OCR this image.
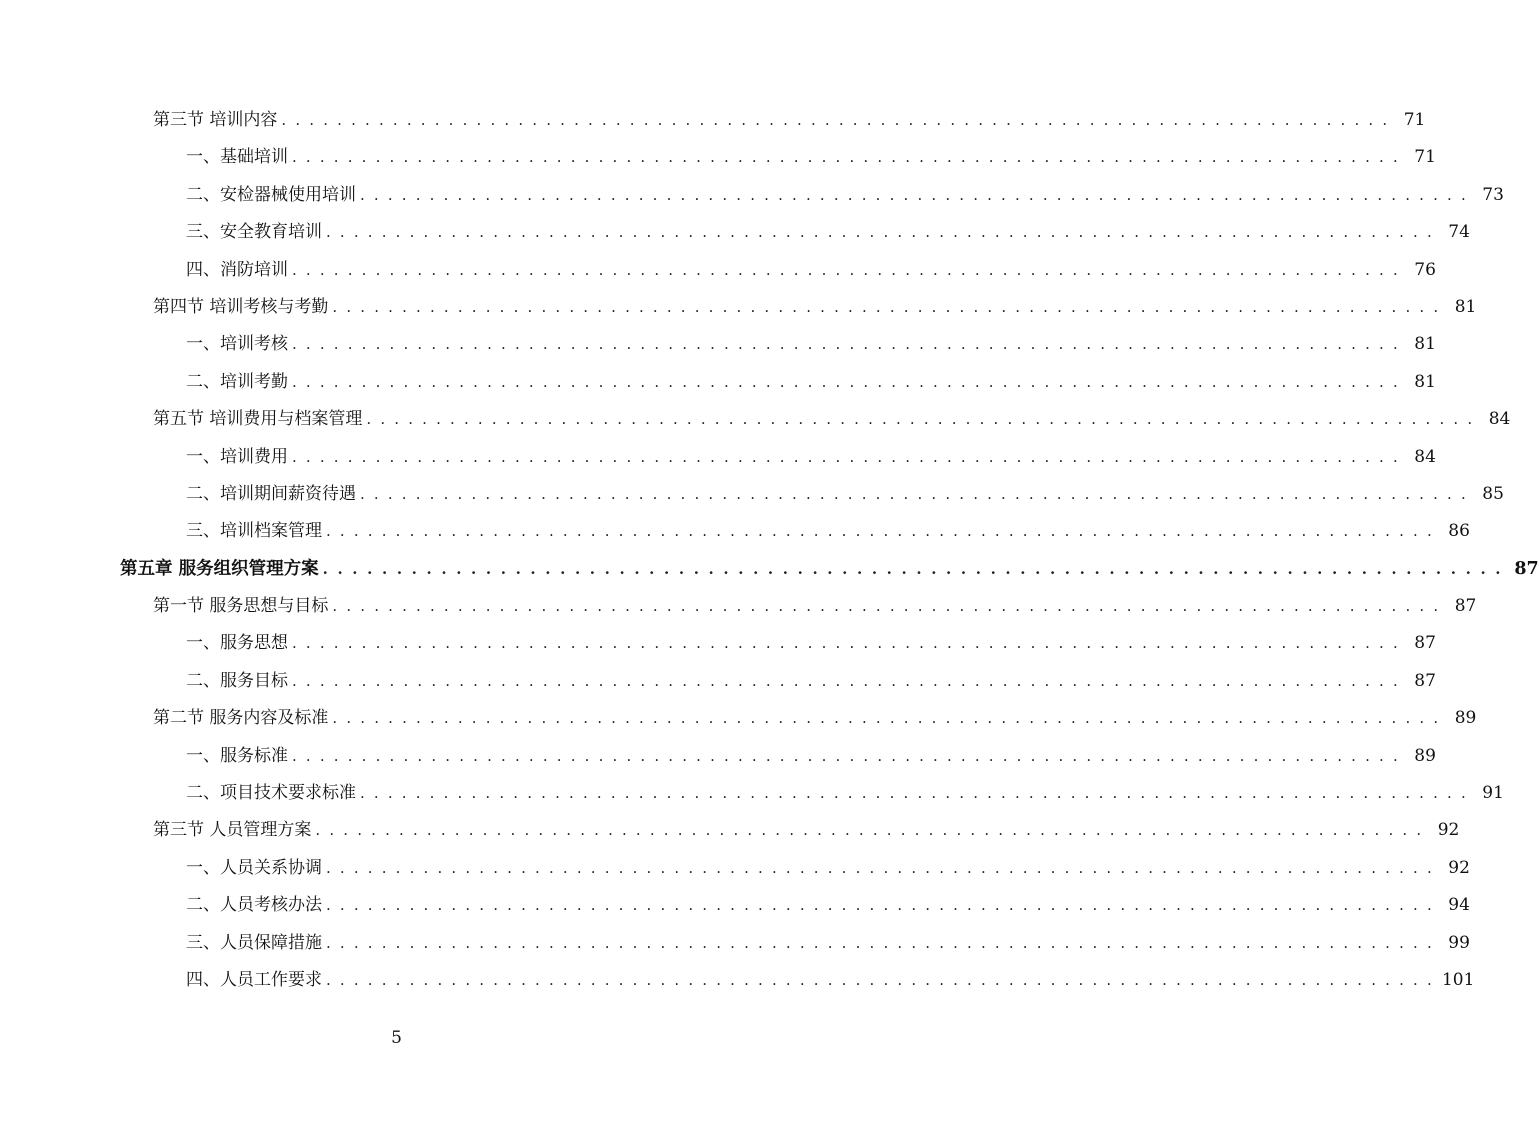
第三节 培训内容 . . . . . . . . . . . . . . . . . . . . . . . . . . . . . . . . . . . . . . . . . . . . . . . . . . . . . . . . . . . . . . . . . . . . . . . . . . . . . . . . 71
一、基础培训 . . . . . . . . . . . . . . . . . . . . . . . . . . . . . . . . . . . . . . . . . . . . . . . . . . . . . . . . . . . . . . . . . . . . . . . . . . . . . . . . 71
二、安检器械使用培训 . . . . . . . . . . . . . . . . . . . . . . . . . . . . . . . . . . . . . . . . . . . . . . . . . . . . . . . . . . . . . . . . . . . . . . . . . . . . . . . . 73
三、安全教育培训 . . . . . . . . . . . . . . . . . . . . . . . . . . . . . . . . . . . . . . . . . . . . . . . . . . . . . . . . . . . . . . . . . . . . . . . . . . . . . . . . 74
四、消防培训 . . . . . . . . . . . . . . . . . . . . . . . . . . . . . . . . . . . . . . . . . . . . . . . . . . . . . . . . . . . . . . . . . . . . . . . . . . . . . . . . 76
第四节 培训考核与考勤 . . . . . . . . . . . . . . . . . . . . . . . . . . . . . . . . . . . . . . . . . . . . . . . . . . . . . . . . . . . . . . . . . . . . . . . . . . . . . . . . 81
一、培训考核 . . . . . . . . . . . . . . . . . . . . . . . . . . . . . . . . . . . . . . . . . . . . . . . . . . . . . . . . . . . . . . . . . . . . . . . . . . . . . . . . 81
二、培训考勤 . . . . . . . . . . . . . . . . . . . . . . . . . . . . . . . . . . . . . . . . . . . . . . . . . . . . . . . . . . . . . . . . . . . . . . . . . . . . . . . . 81
第五节 培训费用与档案管理 . . . . . . . . . . . . . . . . . . . . . . . . . . . . . . . . . . . . . . . . . . . . . . . . . . . . . . . . . . . . . . . . . . . . . . . . . . . . . . . . 84
一、培训费用 . . . . . . . . . . . . . . . . . . . . . . . . . . . . . . . . . . . . . . . . . . . . . . . . . . . . . . . . . . . . . . . . . . . . . . . . . . . . . . . . 84
二、培训期间薪资待遇 . . . . . . . . . . . . . . . . . . . . . . . . . . . . . . . . . . . . . . . . . . . . . . . . . . . . . . . . . . . . . . . . . . . . . . . . . . . . . . . . 85
三、培训档案管理 . . . . . . . . . . . . . . . . . . . . . . . . . . . . . . . . . . . . . . . . . . . . . . . . . . . . . . . . . . . . . . . . . . . . . . . . . . . . . . . . 86
第五章 服务组织管理方案 . . . . . . . . . . . . . . . . . . . . . . . . . . . . . . . . . . . . . . . . . . . . . . . . . . . . . . . . . . . . . . . . . . . . . . . . . . . . . . . . 87
第一节 服务思想与目标 . . . . . . . . . . . . . . . . . . . . . . . . . . . . . . . . . . . . . . . . . . . . . . . . . . . . . . . . . . . . . . . . . . . . . . . . . . . . . . . . 87
一、服务思想 . . . . . . . . . . . . . . . . . . . . . . . . . . . . . . . . . . . . . . . . . . . . . . . . . . . . . . . . . . . . . . . . . . . . . . . . . . . . . . . . 87
二、服务目标 . . . . . . . . . . . . . . . . . . . . . . . . . . . . . . . . . . . . . . . . . . . . . . . . . . . . . . . . . . . . . . . . . . . . . . . . . . . . . . . . 87
第二节 服务内容及标准 . . . . . . . . . . . . . . . . . . . . . . . . . . . . . . . . . . . . . . . . . . . . . . . . . . . . . . . . . . . . . . . . . . . . . . . . . . . . . . . . 89
一、服务标准 . . . . . . . . . . . . . . . . . . . . . . . . . . . . . . . . . . . . . . . . . . . . . . . . . . . . . . . . . . . . . . . . . . . . . . . . . . . . . . . . 89
二、项目技术要求标准 . . . . . . . . . . . . . . . . . . . . . . . . . . . . . . . . . . . . . . . . . . . . . . . . . . . . . . . . . . . . . . . . . . . . . . . . . . . . . . . . 91
第三节 人员管理方案 . . . . . . . . . . . . . . . . . . . . . . . . . . . . . . . . . . . . . . . . . . . . . . . . . . . . . . . . . . . . . . . . . . . . . . . . . . . . . . . . 92
一、人员关系协调 . . . . . . . . . . . . . . . . . . . . . . . . . . . . . . . . . . . . . . . . . . . . . . . . . . . . . . . . . . . . . . . . . . . . . . . . . . . . . . . . 92
二、人员考核办法 . . . . . . . . . . . . . . . . . . . . . . . . . . . . . . . . . . . . . . . . . . . . . . . . . . . . . . . . . . . . . . . . . . . . . . . . . . . . . . . . 94
三、人员保障措施 . . . . . . . . . . . . . . . . . . . . . . . . . . . . . . . . . . . . . . . . . . . . . . . . . . . . . . . . . . . . . . . . . . . . . . . . . . . . . . . . 99
四、人员工作要求 . . . . . . . . . . . . . . . . . . . . . . . . . . . . . . . . . . . . . . . . . . . . . . . . . . . . . . . . . . . . . . . . . . . . . . . . . . . . . . . . 101
5
